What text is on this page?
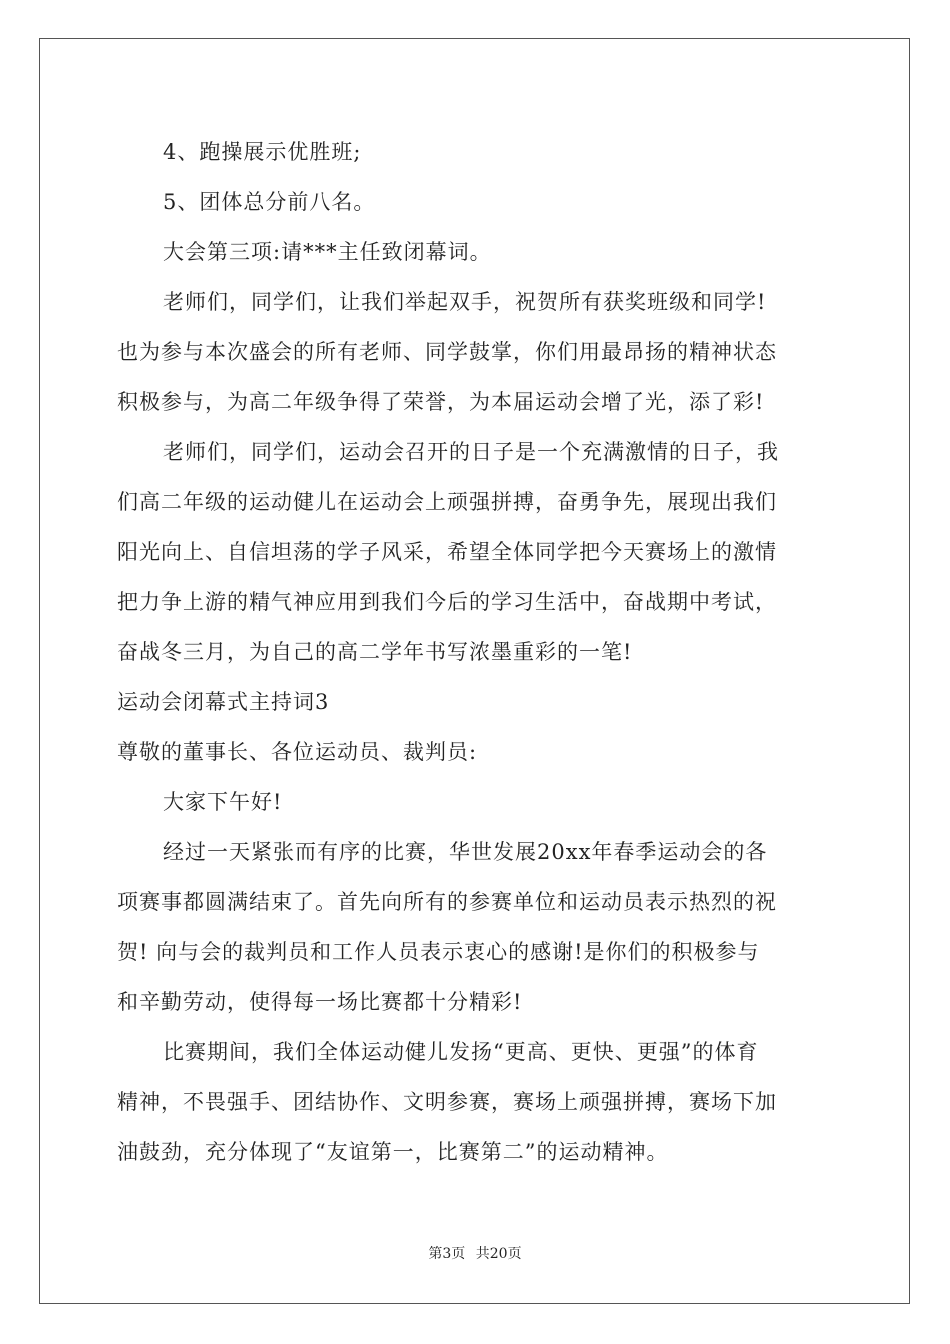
4、跑操展示优胜班;
5、团体总分前八名。
大会第三项:请***主任致闭幕词。
老师们，同学们，让我们举起双手，祝贺所有获奖班级和同学!
也为参与本次盛会的所有老师、同学鼓掌，你们用最昂扬的精神状态
积极参与，为高二年级争得了荣誉，为本届运动会增了光，添了彩!
老师们，同学们，运动会召开的日子是一个充满激情的日子，我
们高二年级的运动健儿在运动会上顽强拼搏，奋勇争先，展现出我们
阳光向上、自信坦荡的学子风采，希望全体同学把今天赛场上的激情
把力争上游的精气神应用到我们今后的学习生活中，奋战期中考试，
奋战冬三月，为自己的高二学年书写浓墨重彩的一笔!
运动会闭幕式主持词3
尊敬的董事长、各位运动员、裁判员:
大家下午好!
经过一天紧张而有序的比赛，华世发展20xx年春季运动会的各
项赛事都圆满结束了。首先向所有的参赛单位和运动员表示热烈的祝
贺! 向与会的裁判员和工作人员表示衷心的感谢!是你们的积极参与
和辛勤劳动，使得每一场比赛都十分精彩!
比赛期间，我们全体运动健儿发扬“更高、更快、更强”的体育
精神，不畏强手、团结协作、文明参赛，赛场上顽强拼搏，赛场下加
油鼓劲，充分体现了“友谊第一，比赛第二”的运动精神。
第3页 共20页
